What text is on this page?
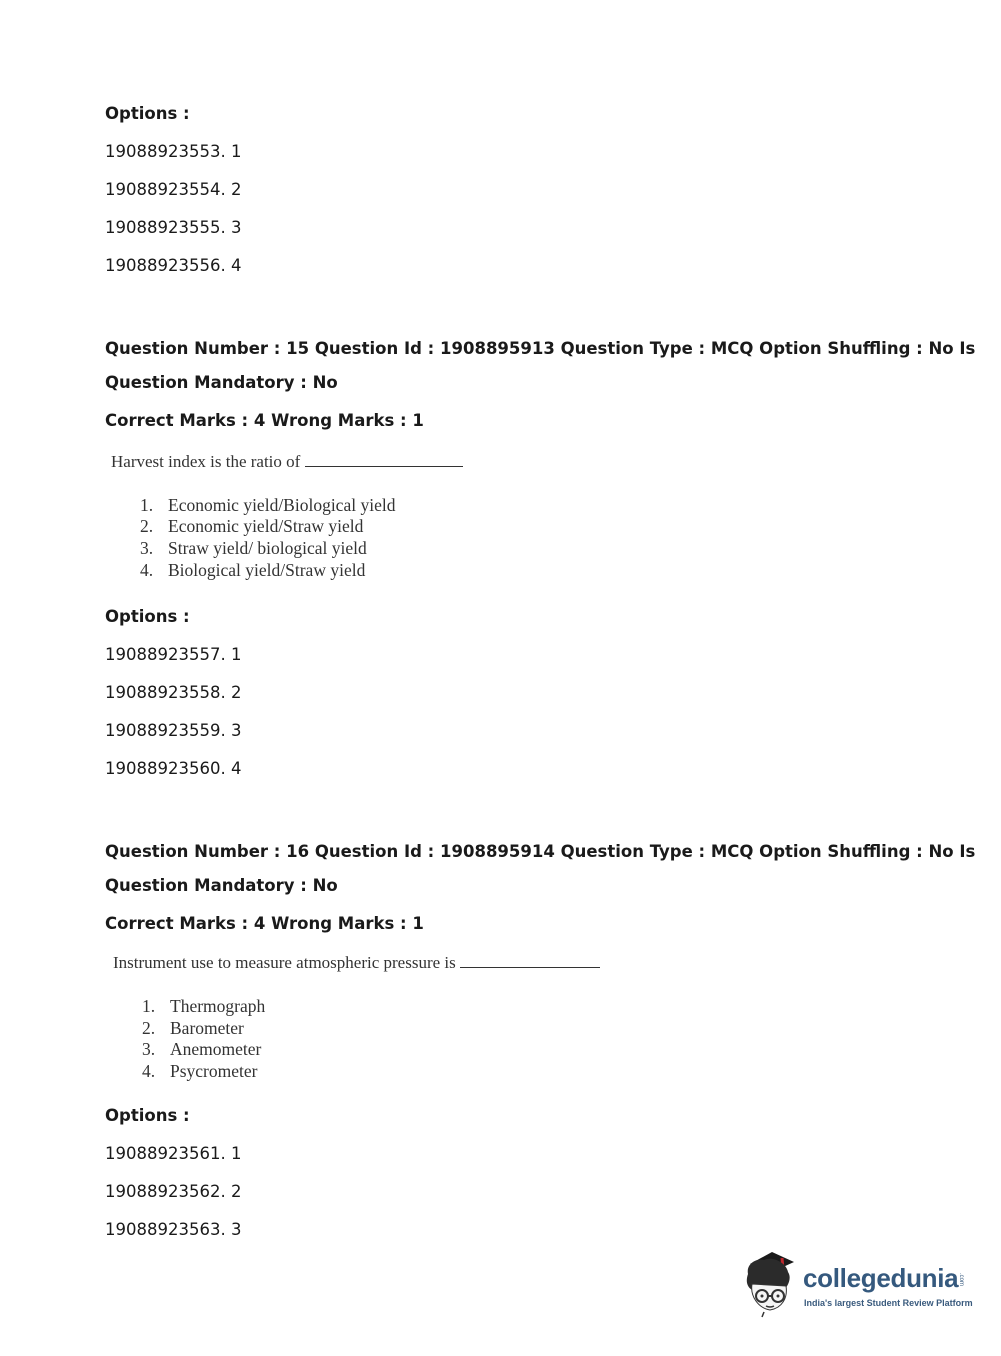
Options :
19088923553. 1
19088923554. 2
19088923555. 3
19088923556. 4
Question Number : 15 Question Id : 1908895913 Question Type : MCQ Option Shuffling : No Is
Question Mandatory : No
Correct Marks : 4 Wrong Marks : 1
Harvest index is the ratio of
1. Economic yield/Biological yield
2. Economic yield/Straw yield
3. Straw yield/ biological yield
4. Biological yield/Straw yield
Options :
19088923557. 1
19088923558. 2
19088923559. 3
19088923560. 4
Question Number : 16 Question Id : 1908895914 Question Type : MCQ Option Shuffling : No Is
Question Mandatory : No
Correct Marks : 4 Wrong Marks : 1
Instrument use to measure atmospheric pressure is
1. Thermograph
2. Barometer
3. Anemometer
4. Psycrometer
Options :
19088923561. 1
19088923562. 2
19088923563. 3
collegedunia .com
India's largest Student Review Platform
